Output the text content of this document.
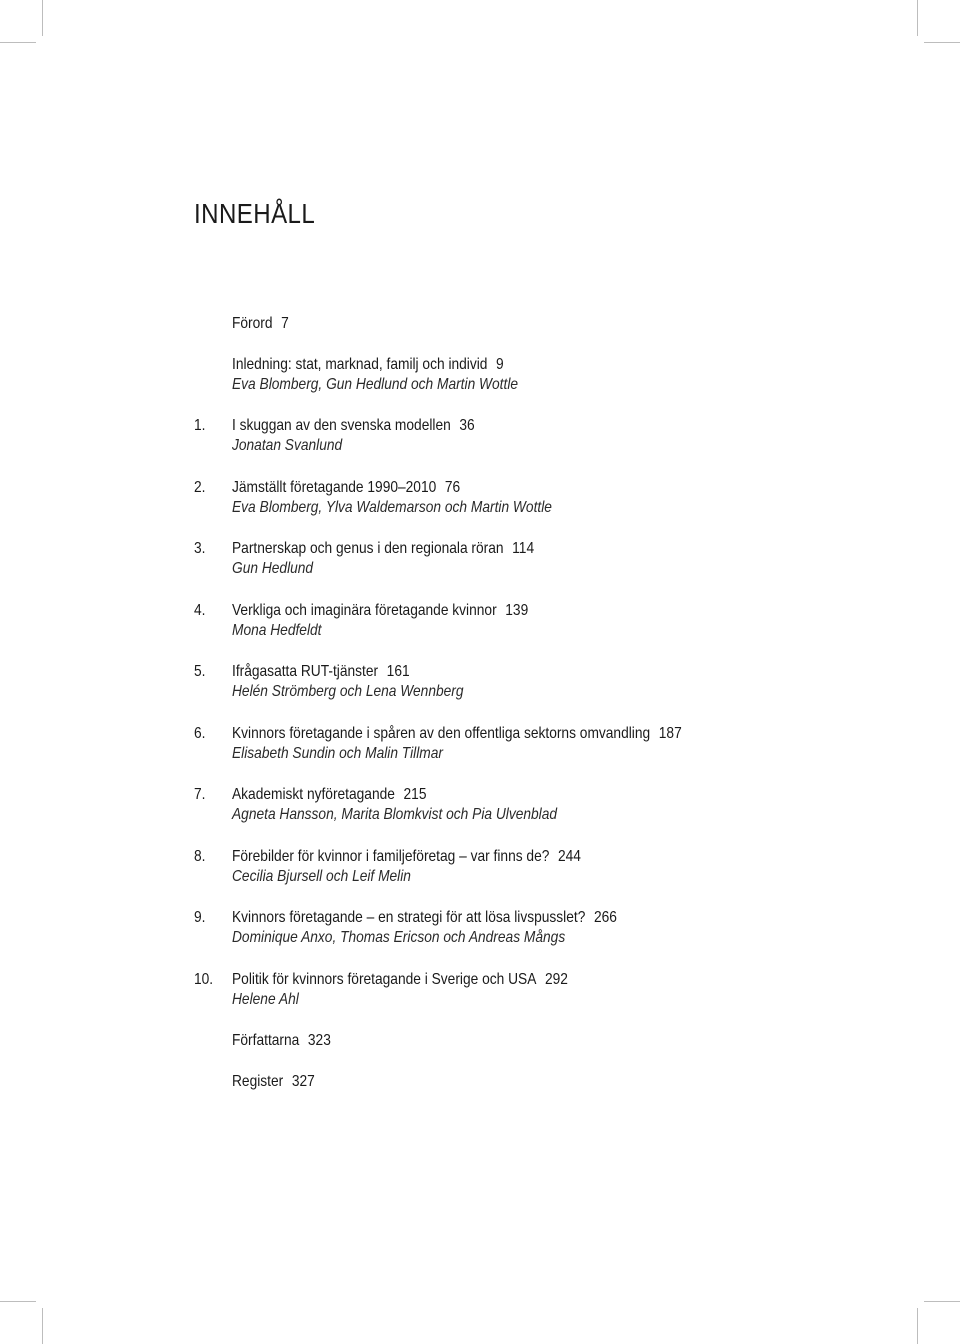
INNEHÅLL
Förord 7
Inledning: stat, marknad, familj och individ 9
Eva Blomberg, Gun Hedlund och Martin Wottle
1. I skuggan av den svenska modellen 36
Jonatan Svanlund
2. Jämställt företagande 1990–2010 76
Eva Blomberg, Ylva Waldemarson och Martin Wottle
3. Partnerskap och genus i den regionala röran 114
Gun Hedlund
4. Verkliga och imaginära företagande kvinnor 139
Mona Hedfeldt
5. Ifrågasatta RUT-tjänster 161
Helén Strömberg och Lena Wennberg
6. Kvinnors företagande i spåren av den offentliga sektorns omvandling 187
Elisabeth Sundin och Malin Tillmar
7. Akademiskt nyföretagande 215
Agneta Hansson, Marita Blomkvist och Pia Ulvenblad
8. Förebilder för kvinnor i familjeföretag – var finns de? 244
Cecilia Bjursell och Leif Melin
9. Kvinnors företagande – en strategi för att lösa livspusslet? 266
Dominique Anxo, Thomas Ericson och Andreas Mångs
10. Politik för kvinnors företagande i Sverige och USA 292
Helene Ahl
Författarna 323
Register 327
